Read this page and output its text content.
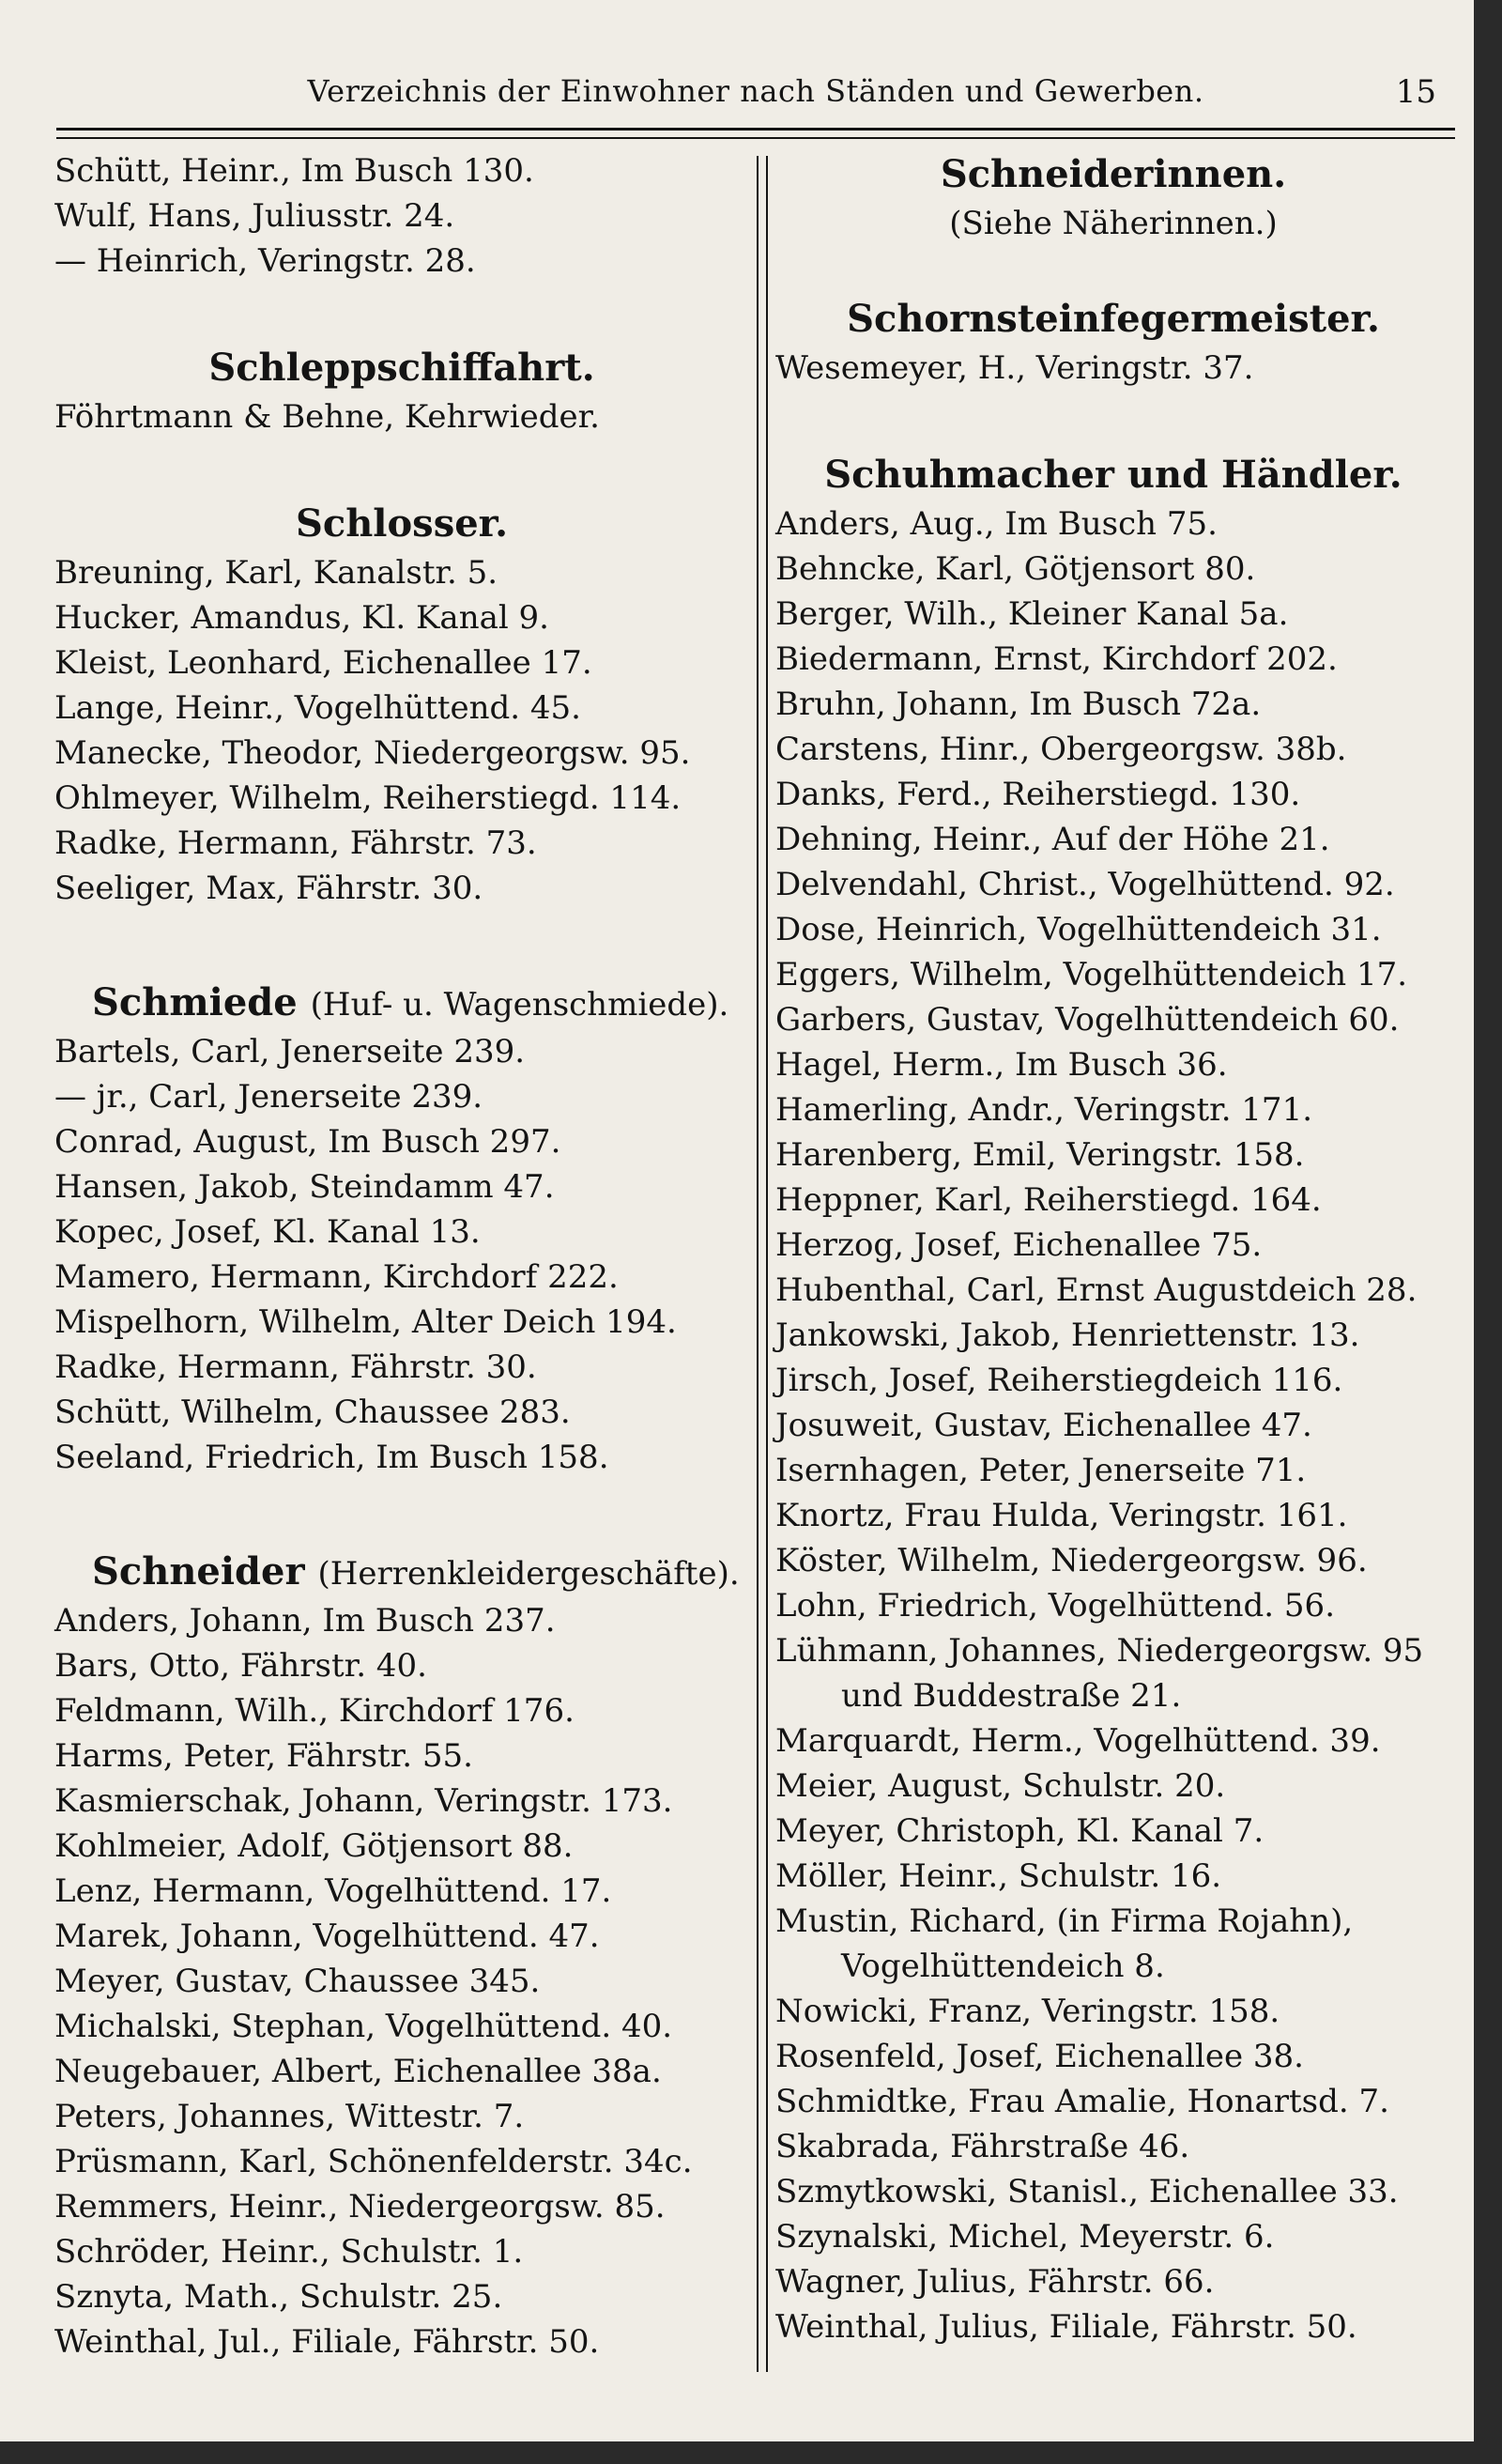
Verzeichnis der Einwohner nach Ständen und Gewerben.	15
Schütt, Heinr., Im Busch 130.
Wulf, Hans, Juliusstr. 24.
— Heinrich, Veringstr. 28.
Schleppschiffahrt.
Föhrtmann & Behne, Kehrwieder.
Schlosser.
Breuning, Karl, Kanalstr. 5.
Hucker, Amandus, Kl. Kanal 9.
Kleist, Leonhard, Eichenallee 17.
Lange, Heinr., Vogelhüttend. 45.
Manecke, Theodor, Niedergeorgsw. 95.
Ohlmeyer, Wilhelm, Reiherstiegd. 114.
Radke, Hermann, Fährstr. 73.
Seeliger, Max, Fährstr. 30.
Schmiede (Huf- u. Wagenschmiede).
Bartels, Carl, Jenerseite 239.
— jr., Carl, Jenerseite 239.
Conrad, August, Im Busch 297.
Hansen, Jakob, Steindamm 47.
Kopec, Josef, Kl. Kanal 13.
Mamero, Hermann, Kirchdorf 222.
Mispelhorn, Wilhelm, Alter Deich 194.
Radke, Hermann, Fährstr. 30.
Schütt, Wilhelm, Chaussee 283.
Seeland, Friedrich, Im Busch 158.
Schneider (Herrenkleidergeschäfte).
Anders, Johann, Im Busch 237.
Bars, Otto, Fährstr. 40.
Feldmann, Wilh., Kirchdorf 176.
Harms, Peter, Fährstr. 55.
Kasmierschak, Johann, Veringstr. 173.
Kohlmeier, Adolf, Götjensort 88.
Lenz, Hermann, Vogelhüttend. 17.
Marek, Johann, Vogelhüttend. 47.
Meyer, Gustav, Chaussee 345.
Michalski, Stephan, Vogelhüttend. 40.
Neugebauer, Albert, Eichenallee 38a.
Peters, Johannes, Wittestr. 7.
Prüsmann, Karl, Schönenfelderstr. 34c.
Remmers, Heinr., Niedergeorgsw. 85.
Schröder, Heinr., Schulstr. 1.
Sznyta, Math., Schulstr. 25.
Weinthal, Jul., Filiale, Fährstr. 50.
Schneiderinnen.
(Siehe Näherinnen.)
Schornsteinfegermeister.
Wesemeyer, H., Veringstr. 37.
Schuhmacher und Händler.
Anders, Aug., Im Busch 75.
Behncke, Karl, Götjensort 80.
Berger, Wilh., Kleiner Kanal 5a.
Biedermann, Ernst, Kirchdorf 202.
Bruhn, Johann, Im Busch 72a.
Carstens, Hinr., Obergeorgsw. 38b.
Danks, Ferd., Reiherstiegd. 130.
Dehning, Heinr., Auf der Höhe 21.
Delvendahl, Christ., Vogelhüttend. 92.
Dose, Heinrich, Vogelhüttendeich 31.
Eggers, Wilhelm, Vogelhüttendeich 17.
Garbers, Gustav, Vogelhüttendeich 60.
Hagel, Herm., Im Busch 36.
Hamerling, Andr., Veringstr. 171.
Harenberg, Emil, Veringstr. 158.
Heppner, Karl, Reiherstiegd. 164.
Herzog, Josef, Eichenallee 75.
Hubenthal, Carl, Ernst Augustdeich 28.
Jankowski, Jakob, Henriettenstr. 13.
Jirsch, Josef, Reiherstiegdeich 116.
Josuweit, Gustav, Eichenallee 47.
Isernhagen, Peter, Jenerseite 71.
Knortz, Frau Hulda, Veringstr. 161.
Köster, Wilhelm, Niedergeorgsw. 96.
Lohn, Friedrich, Vogelhüttend. 56.
Lühmann, Johannes, Niedergeorgsw. 95
und Buddestraße 21.
Marquardt, Herm., Vogelhüttend. 39.
Meier, August, Schulstr. 20.
Meyer, Christoph, Kl. Kanal 7.
Möller, Heinr., Schulstr. 16.
Mustin, Richard, (in Firma Rojahn),
Vogelhüttendeich 8.
Nowicki, Franz, Veringstr. 158.
Rosenfeld, Josef, Eichenallee 38.
Schmidtke, Frau Amalie, Honartsd. 7.
Skabrada, Fährstraße 46.
Szmytkowski, Stanisl., Eichenallee 33.
Szynalski, Michel, Meyerstr. 6.
Wagner, Julius, Fährstr. 66.
Weinthal, Julius, Filiale, Fährstr. 50.
